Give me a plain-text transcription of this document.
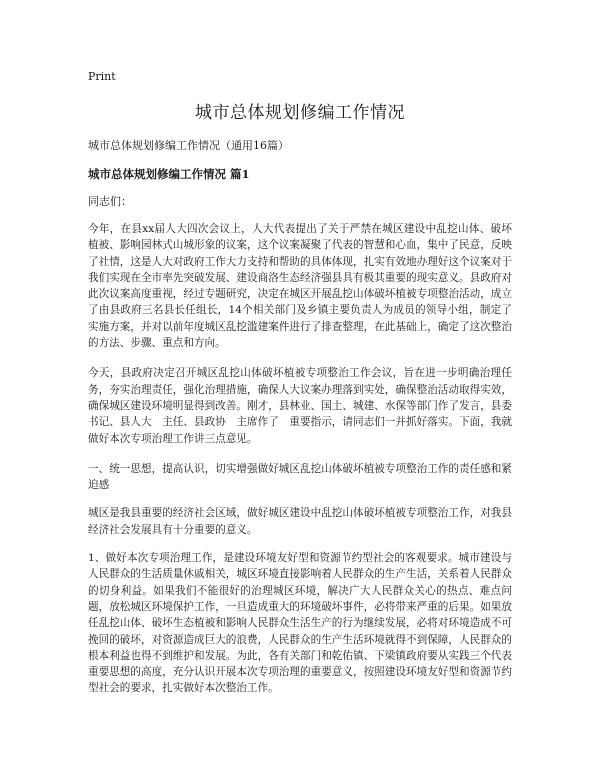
Print
城市总体规划修编工作情况
城市总体规划修编工作情况（通用16篇）
城市总体规划修编工作情况 篇1
同志们：

今年，在县xx届人大四次会议上，人大代表提出了关于严禁在城区建设中乱挖山体、破坏植被、影响园林式山城形象的议案，这个议案凝聚了代表的智慧和心血，集中了民意，反映了社情，这是人大对政府工作大力支持和帮助的具体体现，扎实有效地办理好这个议案对于我们实现在全市率先突破发展、建设商洛生态经济强县具有极其重要的现实意义。县政府对此次议案高度重视，经过专题研究，决定在城区开展乱挖山体破坏植被专项整治活动，成立了由县政府三名县长任组长，14个相关部门及乡镇主要负责人为成员的领导小组，制定了实施方案，并对以前年度城区乱挖滥建案件进行了排查整理，在此基础上，确定了这次整治的方法、步骤、重点和方向。

今天，县政府决定召开城区乱挖山体破坏植被专项整治工作会议，旨在进一步明确治理任务，夯实治理责任，强化治理措施，确保人大议案办理落到实处，确保整治活动取得实效，确保城区建设环境明显得到改善。刚才，县林业、国土、城建、水保等部门作了发言，县委　书记、县人大　主任、县政协　主席作了　重要指示，请同志们一并抓好落实。下面，我就做好本次专项治理工作讲三点意见。

一、统一思想，提高认识，切实增强做好城区乱挖山体破坏植被专项整治工作的责任感和紧迫感

城区是我县重要的经济社会区域，做好城区建设中乱挖山体破坏植被专项整治工作，对我县经济社会发展具有十分重要的意义。

1、做好本次专项治理工作，是建设环境友好型和资源节约型社会的客观要求。城市建设与人民群众的生活质量休戚相关，城区环境直接影响着人民群众的生产生活，关系着人民群众的切身利益。如果我们不能很好的治理城区环境，解决广大人民群众关心的热点、难点问题，放松城区环境保护工作，一旦造成重大的环境破坏事件，必将带来严重的后果。如果放任乱挖山体、破坏生态植被和影响人民群众生活生产的行为继续发展，必将对环境造成不可挽回的破坏，对资源造成巨大的浪费，人民群众的生产生活环境就得不到保障，人民群众的根本利益也得不到维护和发展。为此，各有关部门和乾佑镇、下梁镇政府要从实践三个代表重要思想的高度，充分认识开展本次专项治理的重要意义，按照建设环境友好型和资源节约型社会的要求，扎实做好本次整治工作。
